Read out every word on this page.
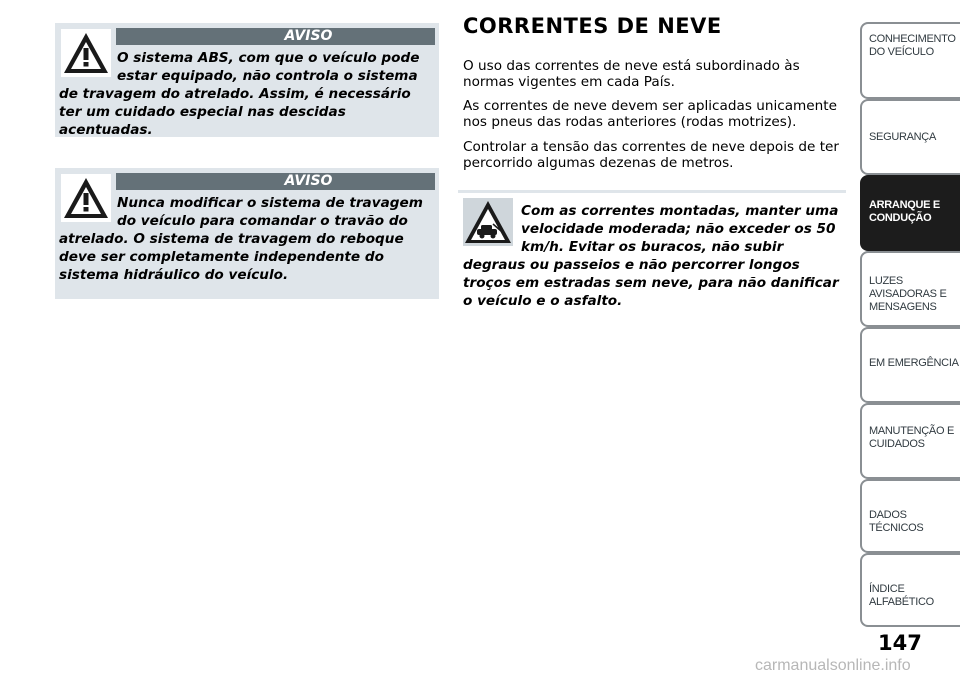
AVISO
O sistema ABS, com que o veículo pode estar equipado, não controla o sistema
de travagem do atrelado. Assim, é necessário ter um cuidado especial nas descidas acentuadas.
AVISO
Nunca modificar o sistema de travagem do veículo para comandar o travão do
atrelado. O sistema de travagem do reboque deve ser completamente independente do sistema hidráulico do veículo.
CORRENTES DE NEVE
O uso das correntes de neve está subordinado às normas vigentes em cada País.
As correntes de neve devem ser aplicadas unicamente nos pneus das rodas anteriores (rodas motrizes).
Controlar a tensão das correntes de neve depois de ter percorrido algumas dezenas de metros.
Com as correntes montadas, manter uma velocidade moderada; não exceder os 50 km/h. Evitar os buracos, não subir
degraus ou passeios e não percorrer longos troços em estradas sem neve, para não danificar o veículo e o asfalto.
CONHECIMENTO DO VEÍCULO
SEGURANÇA
ARRANQUE E CONDUÇÃO
LUZES AVISADORAS E MENSAGENS
EM EMERGÊNCIA
MANUTENÇÃO E CUIDADOS
DADOS TÉCNICOS
ÍNDICE ALFABÉTICO
147
carmanualsonline.info
